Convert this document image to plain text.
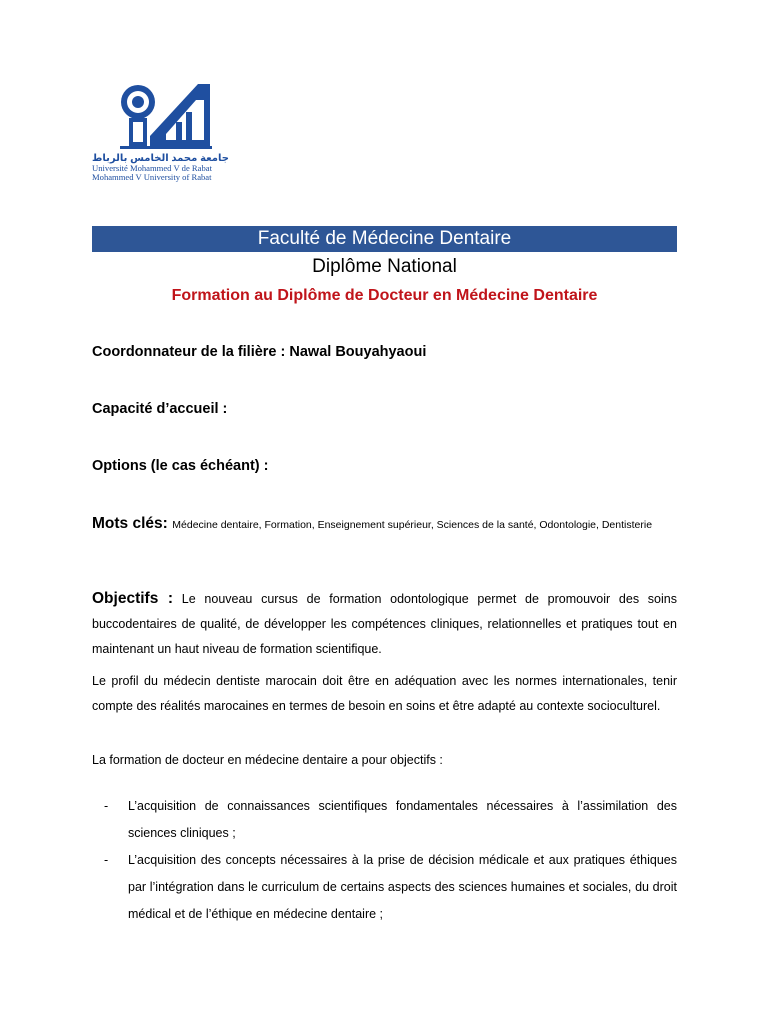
جامعة محمد الخامس بالرباط
Université Mohammed V de Rabat
Mohammed V University of Rabat
Faculté de Médecine Dentaire
Diplôme National
Formation au Diplôme de Docteur en Médecine Dentaire
Coordonnateur de la filière : Nawal Bouyahyaoui
Capacité d’accueil :
Options (le cas échéant) :
Mots clés: Médecine dentaire, Formation, Enseignement supérieur, Sciences de la santé, Odontologie, Dentisterie
Objectifs : Le nouveau cursus de formation odontologique permet de promouvoir des soins buccodentaires de qualité, de développer les compétences cliniques, relationnelles et pratiques tout en maintenant un haut niveau de formation scientifique.
Le profil du médecin dentiste marocain doit être en adéquation avec les normes internationales, tenir compte des réalités marocaines en termes de besoin en soins et être adapté au contexte socioculturel.
La formation de docteur en médecine dentaire a pour objectifs :
- L’acquisition de connaissances scientifiques fondamentales nécessaires à l’assimilation des sciences cliniques ;
- L’acquisition des concepts nécessaires à la prise de décision médicale et aux pratiques éthiques par l’intégration dans le curriculum de certains aspects des sciences humaines et sociales, du droit médical et de l’éthique en médecine dentaire ;
